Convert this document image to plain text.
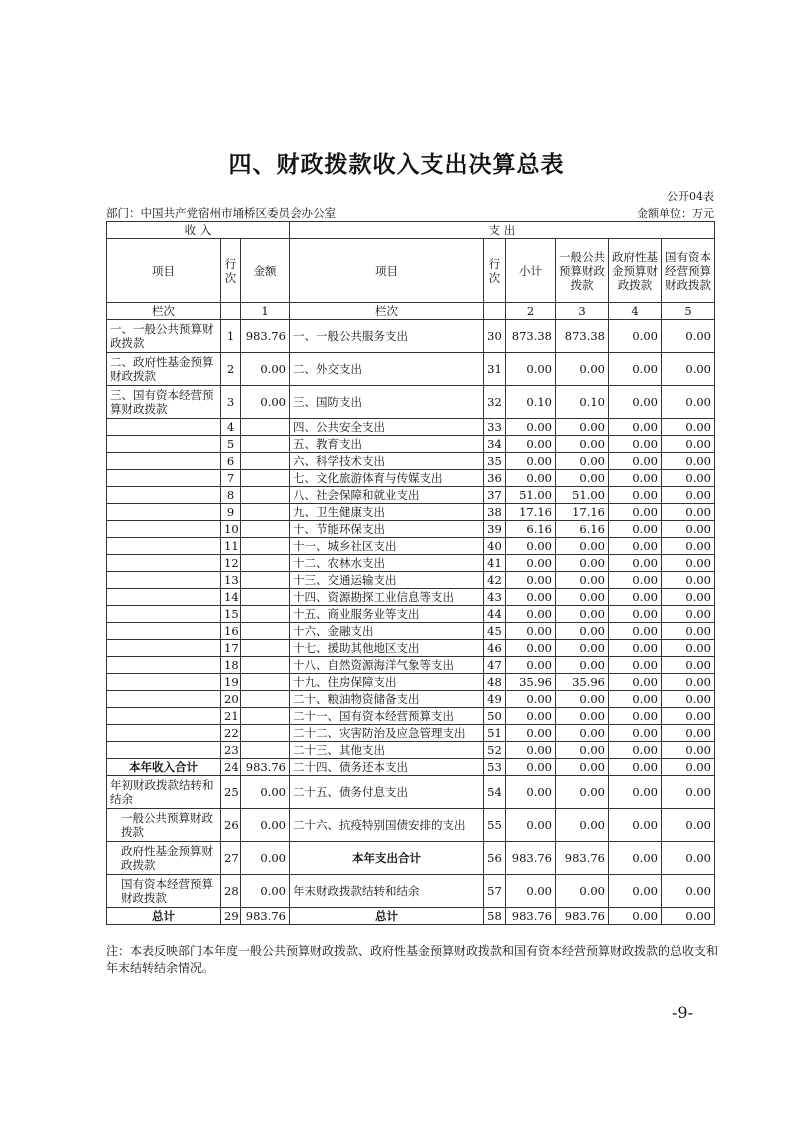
四、财政拨款收入支出决算总表
公开04表
部门：中国共产党宿州市埇桥区委员会办公室	金额单位：万元
收 入			支 出					
项目	行次	金额	项目	行次	小计	一般公共预算财政拨款	政府性基金预算财政拨款	国有资本经营预算财政拨款
栏次		1	栏次		2	3	4	5
一、一般公共预算财政拨款	1	983.76	一、一般公共服务支出	30	873.38	873.38	0.00	0.00
二、政府性基金预算财政拨款	2	0.00	二、外交支出	31	0.00	0.00	0.00	0.00
三、国有资本经营预算财政拨款	3	0.00	三、国防支出	32	0.10	0.10	0.00	0.00
	4		四、公共安全支出	33	0.00	0.00	0.00	0.00
	5		五、教育支出	34	0.00	0.00	0.00	0.00
	6		六、科学技术支出	35	0.00	0.00	0.00	0.00
	7		七、文化旅游体育与传媒支出	36	0.00	0.00	0.00	0.00
	8		八、社会保障和就业支出	37	51.00	51.00	0.00	0.00
	9		九、卫生健康支出	38	17.16	17.16	0.00	0.00
	10		十、节能环保支出	39	6.16	6.16	0.00	0.00
	11		十一、城乡社区支出	40	0.00	0.00	0.00	0.00
	12		十二、农林水支出	41	0.00	0.00	0.00	0.00
	13		十三、交通运输支出	42	0.00	0.00	0.00	0.00
	14		十四、资源勘探工业信息等支出	43	0.00	0.00	0.00	0.00
	15		十五、商业服务业等支出	44	0.00	0.00	0.00	0.00
	16		十六、金融支出	45	0.00	0.00	0.00	0.00
	17		十七、援助其他地区支出	46	0.00	0.00	0.00	0.00
	18		十八、自然资源海洋气象等支出	47	0.00	0.00	0.00	0.00
	19		十九、住房保障支出	48	35.96	35.96	0.00	0.00
	20		二十、粮油物资储备支出	49	0.00	0.00	0.00	0.00
	21		二十一、国有资本经营预算支出	50	0.00	0.00	0.00	0.00
	22		二十二、灾害防治及应急管理支出	51	0.00	0.00	0.00	0.00
	23		二十三、其他支出	52	0.00	0.00	0.00	0.00
本年收入合计	24	983.76	二十四、债务还本支出	53	0.00	0.00	0.00	0.00
年初财政拨款结转和结余	25	0.00	二十五、债务付息支出	54	0.00	0.00	0.00	0.00
一般公共预算财政拨款	26	0.00	二十六、抗疫特别国债安排的支出	55	0.00	0.00	0.00	0.00
政府性基金预算财政拨款	27	0.00	本年支出合计	56	983.76	983.76	0.00	0.00
国有资本经营预算财政拨款	28	0.00	年末财政拨款结转和结余	57	0.00	0.00	0.00	0.00
总计	29	983.76	总计	58	983.76	983.76	0.00	0.00
注：本表反映部门本年度一般公共预算财政拨款、政府性基金预算财政拨款和国有资本经营预算财政拨款的总收支和年末结转结余情况。
-9-
